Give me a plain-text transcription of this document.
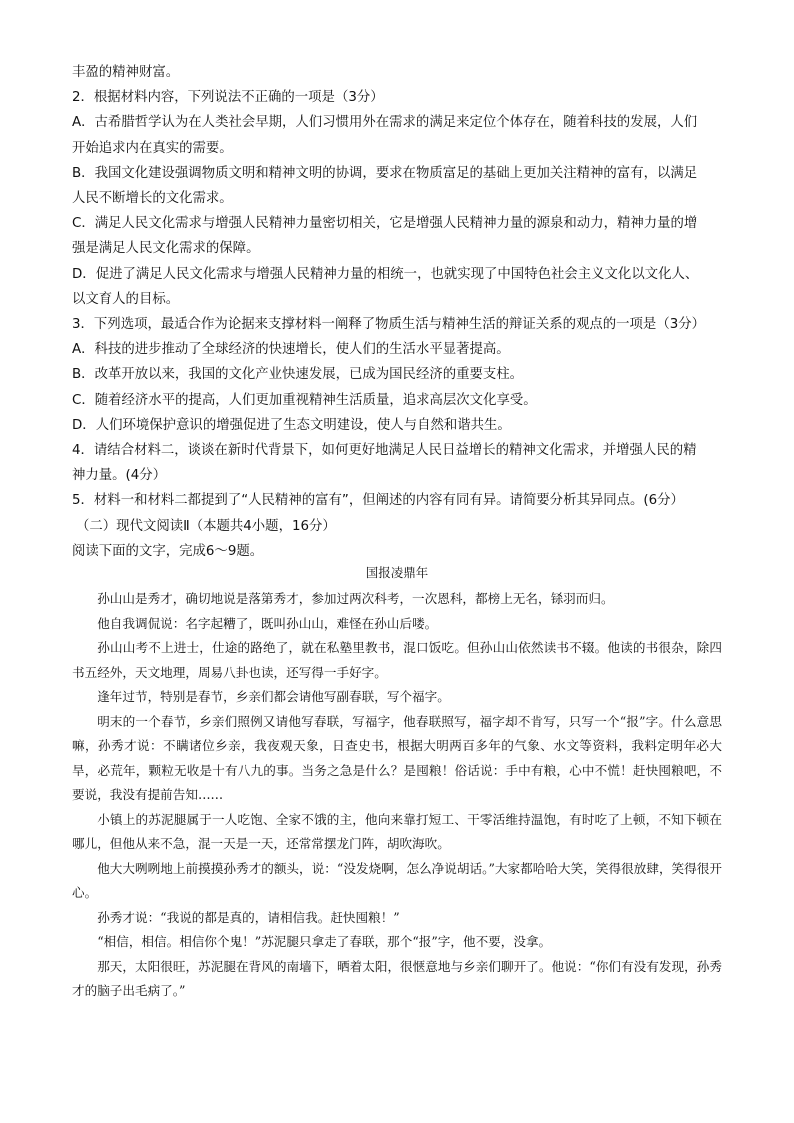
丰盈的精神财富。

2．根据材料内容，下列说法不正确的一项是（3分）

A．古希腊哲学认为在人类社会早期，人们习惯用外在需求的满足来定位个体存在，随着科技的发展，人们
开始追求内在真实的需要。

B．我国文化建设强调物质文明和精神文明的协调，要求在物质富足的基础上更加关注精神的富有，以满足
人民不断增长的文化需求。

C．满足人民文化需求与增强人民精神力量密切相关，它是增强人民精神力量的源泉和动力，精神力量的增
强是满足人民文化需求的保障。

D．促进了满足人民文化需求与增强人民精神力量的相统一，也就实现了中国特色社会主义文化以文化人、
以文育人的目标。

3．下列选项，最适合作为论据来支撑材料一阐释了物质生活与精神生活的辩证关系的观点的一项是（3分）

A．科技的进步推动了全球经济的快速增长，使人们的生活水平显著提高。

B．改革开放以来，我国的文化产业快速发展，已成为国民经济的重要支柱。

C．随着经济水平的提高，人们更加重视精神生活质量，追求高层次文化享受。

D．人们环境保护意识的增强促进了生态文明建设，使人与自然和谐共生。

4．请结合材料二，谈谈在新时代背景下，如何更好地满足人民日益增长的精神文化需求，并增强人民的精
神力量。(4分）

5．材料一和材料二都提到了“人民精神的富有”，但阐述的内容有同有异。请简要分析其异同点。(6分）

（二）现代文阅读Ⅱ（本题共4小题，16分）

阅读下面的文字，完成6～9题。

国报凌鼎年

孙山山是秀才，确切地说是落第秀才，参加过两次科考，一次恩科，都榜上无名，铩羽而归。

他自我调侃说：名字起糟了，既叫孙山山，难怪在孙山后喽。

孙山山考不上进士，仕途的路绝了，就在私塾里教书，混口饭吃。但孙山山依然读书不辍。他读的书很杂，除四书五经外，天文地理，周易八卦也读，还写得一手好字。

逢年过节，特别是春节，乡亲们都会请他写副春联，写个福字。

明末的一个春节，乡亲们照例又请他写春联，写福字，他春联照写，福字却不肯写，只写一个“报”字。什么意思嘛，孙秀才说：不瞒诸位乡亲，我夜观天象，日查史书，根据大明两百多年的气象、水文等资料，我料定明年必大旱，必荒年，颗粒无收是十有八九的事。当务之急是什么？是囤粮！俗话说：手中有粮，心中不慌！赶快囤粮吧，不要说，我没有提前告知……

小镇上的苏泥腿属于一人吃饱、全家不饿的主，他向来靠打短工、干零活维持温饱，有时吃了上顿，不知下顿在哪儿，但他从来不急，混一天是一天，还常常摆龙门阵，胡吹海吹。

他大大咧咧地上前摸摸孙秀才的额头，说：“没发烧啊，怎么净说胡话。”大家都哈哈大笑，笑得很放肆，笑得很开心。

孙秀才说：“我说的都是真的，请相信我。赶快囤粮！”

“相信，相信。相信你个鬼！”苏泥腿只拿走了春联，那个“报”字，他不要，没拿。

那天，太阳很旺，苏泥腿在背风的南墙下，晒着太阳，很惬意地与乡亲们聊开了。他说：“你们有没有发现，孙秀才的脑子出毛病了。”
